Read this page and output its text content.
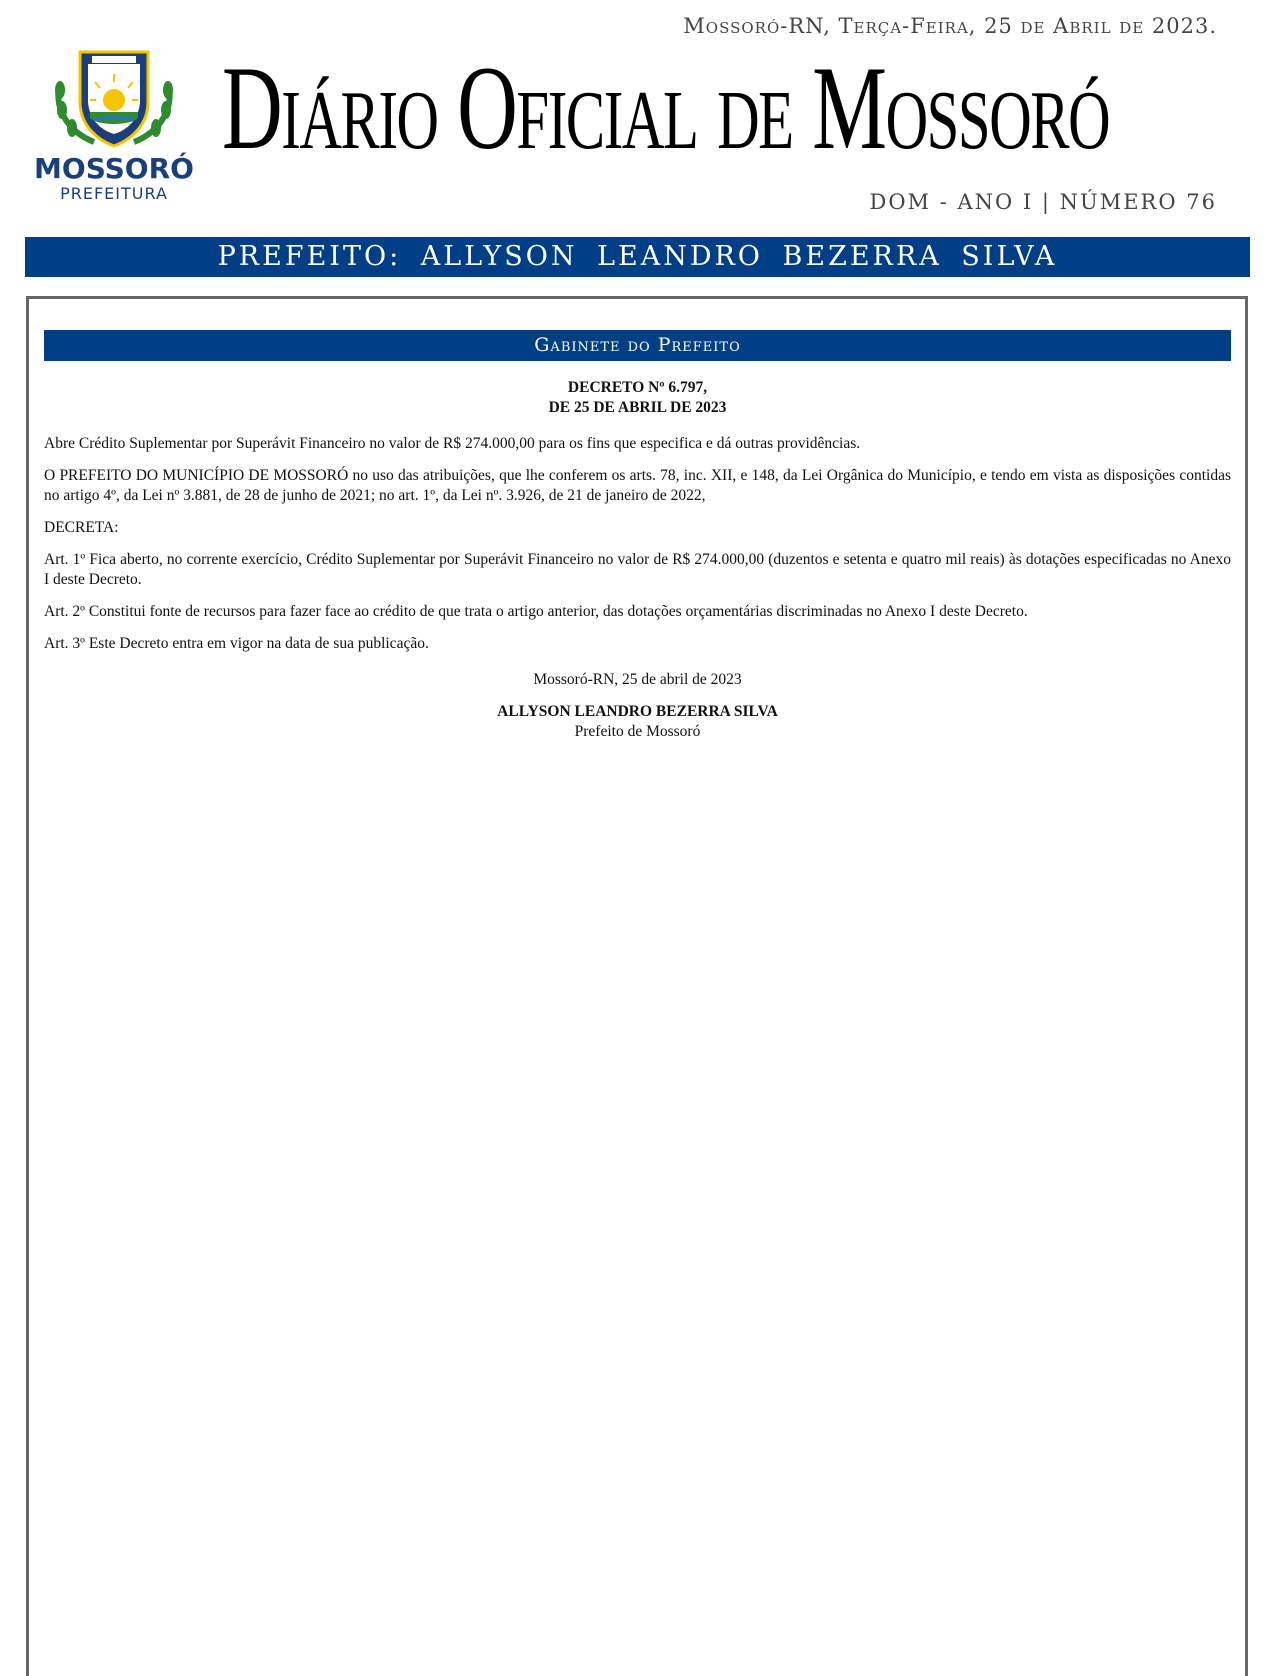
Mossoró-RN, Terça-Feira, 25 de Abril de 2023.
MOSSORÓ
PREFEITURA
Diário Oficial de Mossoró
DOM - ANO I | NÚMERO 76
PREFEITO: ALLYSON LEANDRO BEZERRA SILVA
Gabinete do Prefeito

DECRETO Nº 6.797,

DE 25 DE ABRIL DE 2023

Abre Crédito Suplementar por Superávit Financeiro no valor de R$ 274.000,00 para os fins que especifica e dá outras providências.

O PREFEITO DO MUNICÍPIO DE MOSSORÓ no uso das atribuições, que lhe conferem os arts. 78, inc. XII, e 148, da Lei Orgânica do Município, e tendo em vista as disposições contidas no artigo 4º, da Lei nº 3.881, de 28 de junho de 2021; no art. 1º, da Lei nº. 3.926, de 21 de janeiro de 2022,

DECRETA:

Art. 1º Fica aberto, no corrente exercício, Crédito Suplementar por Superávit Financeiro no valor de R$ 274.000,00 (duzentos e setenta e quatro mil reais) às dotações especificadas no Anexo I deste Decreto.

Art. 2º Constitui fonte de recursos para fazer face ao crédito de que trata o artigo anterior, das dotações orçamentárias discriminadas no Anexo I deste Decreto.

Art. 3º Este Decreto entra em vigor na data de sua publicação.

Mossoró-RN, 25 de abril de 2023

ALLYSON LEANDRO BEZERRA SILVA

Prefeito de Mossoró
